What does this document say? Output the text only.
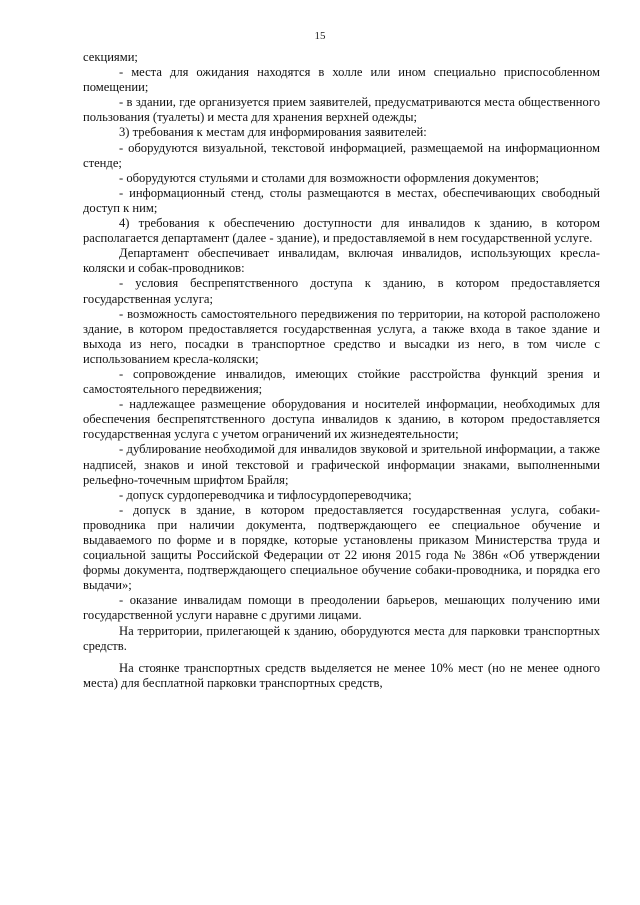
15

секциями;

- места для ожидания находятся в холле или ином специально приспособленном помещении;

- в здании, где организуется прием заявителей, предусматриваются места общественного пользования (туалеты) и места для хранения верхней одежды;

3) требования к местам для информирования заявителей:

- оборудуются визуальной, текстовой информацией, размещаемой на информационном стенде;

- оборудуются стульями и столами для возможности оформления документов;

- информационный стенд, столы размещаются в местах, обеспечивающих свободный доступ к ним;

4) требования к обеспечению доступности для инвалидов к зданию, в котором располагается департамент (далее - здание), и предоставляемой в нем государственной услуге.

Департамент обеспечивает инвалидам, включая инвалидов, использующих кресла-коляски и собак-проводников:

- условия беспрепятственного доступа к зданию, в котором предоставляется государственная услуга;

- возможность самостоятельного передвижения по территории, на которой расположено здание, в котором предоставляется государственная услуга, а также входа в такое здание и выхода из него, посадки в транспортное средство и высадки из него, в том числе с использованием кресла-коляски;

- сопровождение инвалидов, имеющих стойкие расстройства функций зрения и самостоятельного передвижения;

- надлежащее размещение оборудования и носителей информации, необходимых для обеспечения беспрепятственного доступа инвалидов к зданию, в котором предоставляется государственная услуга с учетом ограничений их жизнедеятельности;

- дублирование необходимой для инвалидов звуковой и зрительной информации, а также надписей, знаков и иной текстовой и графической информации знаками, выполненными рельефно-точечным шрифтом Брайля;

- допуск сурдопереводчика и тифлосурдопереводчика;

- допуск в здание, в котором предоставляется государственная услуга, собаки-проводника при наличии документа, подтверждающего ее специальное обучение и выдаваемого по форме и в порядке, которые установлены приказом Министерства труда и социальной защиты Российской Федерации от 22 июня 2015 года № 386н «Об утверждении формы документа, подтверждающего специальное обучение собаки-проводника, и порядка его выдачи»;

- оказание инвалидам помощи в преодолении барьеров, мешающих получению ими государственной услуги наравне с другими лицами.

На территории, прилегающей к зданию, оборудуются места для парковки транспортных средств.

На стоянке транспортных средств выделяется не менее 10% мест (но не менее одного места) для бесплатной парковки транспортных средств,
